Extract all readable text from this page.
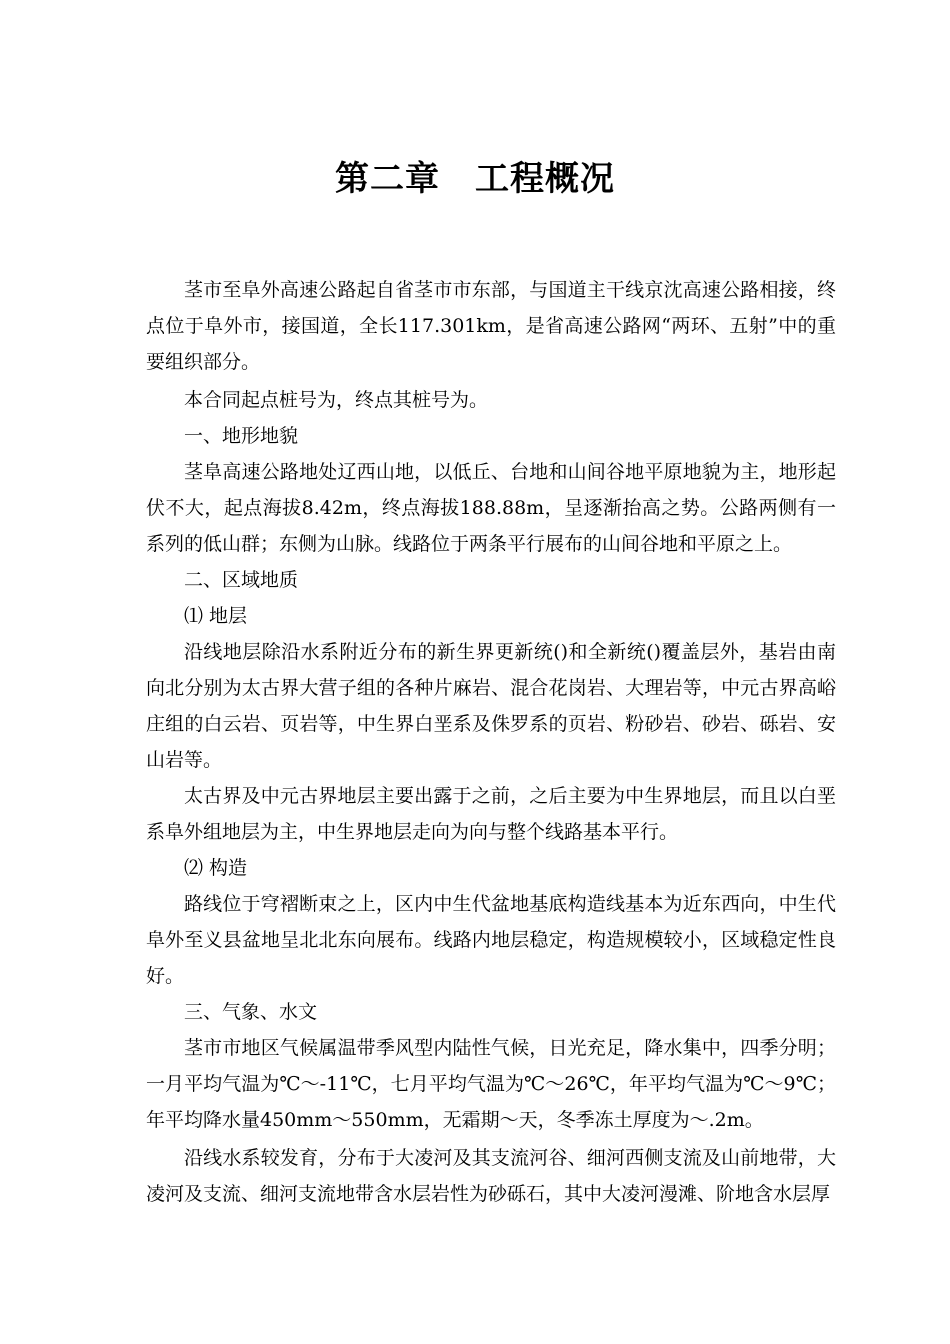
第二章　工程概况

茎市至阜外高速公路起自省茎市市东部，与国道主干线京沈高速公路相接，终点位于阜外市，接国道，全长117.301km，是省高速公路网“两环、五射”中的重要组织部分。

本合同起点桩号为，终点其桩号为。

一、地形地貌

茎阜高速公路地处辽西山地，以低丘、台地和山间谷地平原地貌为主，地形起伏不大，起点海拔8.42m，终点海拔188.88m，呈逐渐抬高之势。公路两侧有一系列的低山群；东侧为山脉。线路位于两条平行展布的山间谷地和平原之上。

二、区域地质

⑴ 地层

沿线地层除沿水系附近分布的新生界更新统()和全新统()覆盖层外，基岩由南向北分别为太古界大营子组的各种片麻岩、混合花岗岩、大理岩等，中元古界高峪庄组的白云岩、页岩等，中生界白垩系及侏罗系的页岩、粉砂岩、砂岩、砾岩、安山岩等。

太古界及中元古界地层主要出露于之前，之后主要为中生界地层，而且以白垩系阜外组地层为主，中生界地层走向为向与整个线路基本平行。

⑵ 构造

路线位于穹褶断束之上，区内中生代盆地基底构造线基本为近东西向，中生代阜外至义县盆地呈北北东向展布。线路内地层稳定，构造规模较小，区域稳定性良好。

三、气象、水文

茎市市地区气候属温带季风型内陆性气候，日光充足，降水集中，四季分明；一月平均气温为℃～-11℃，七月平均气温为℃～26℃，年平均气温为℃～9℃；年平均降水量450mm～550mm，无霜期～天，冬季冻土厚度为～.2m。

沿线水系较发育，分布于大凌河及其支流河谷、细河西侧支流及山前地带，大凌河及支流、细河支流地带含水层岩性为砂砾石，其中大凌河漫滩、阶地含水层厚
